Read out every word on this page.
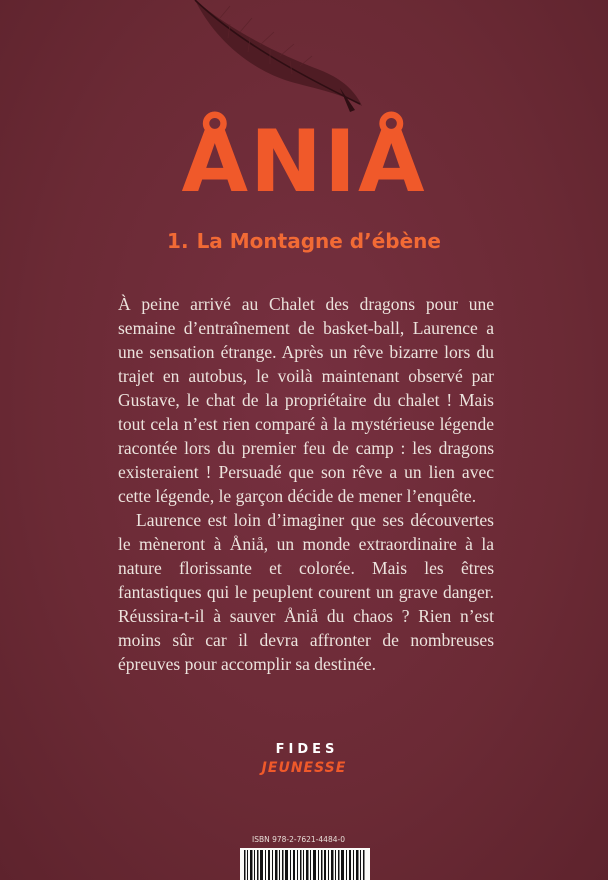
ÅNIÅ
1. La Montagne d’ébène

À peine arrivé au Chalet des dragons pour une semaine d’entraînement de basket-ball, Laurence a une sensation étrange. Après un rêve bizarre lors du trajet en autobus, le voilà maintenant observé par Gustave, le chat de la propriétaire du chalet ! Mais tout cela n’est rien comparé à la mystérieuse légende racontée lors du premier feu de camp : les dragons existeraient ! Persuadé que son rêve a un lien avec cette légende, le garçon décide de mener l’enquête.

Laurence est loin d’imaginer que ses découvertes le mèneront à Åniå, un monde extraordinaire à la nature florissante et colorée. Mais les êtres fantastiques qui le peuplent courent un grave danger. Réussira-t-il à sauver Åniå du chaos ? Rien n’est moins sûr car il devra affronter de nombreuses épreuves pour accomplir sa destinée.

FIDES
JEUNESSE
ISBN 978-2-7621-4484-0
